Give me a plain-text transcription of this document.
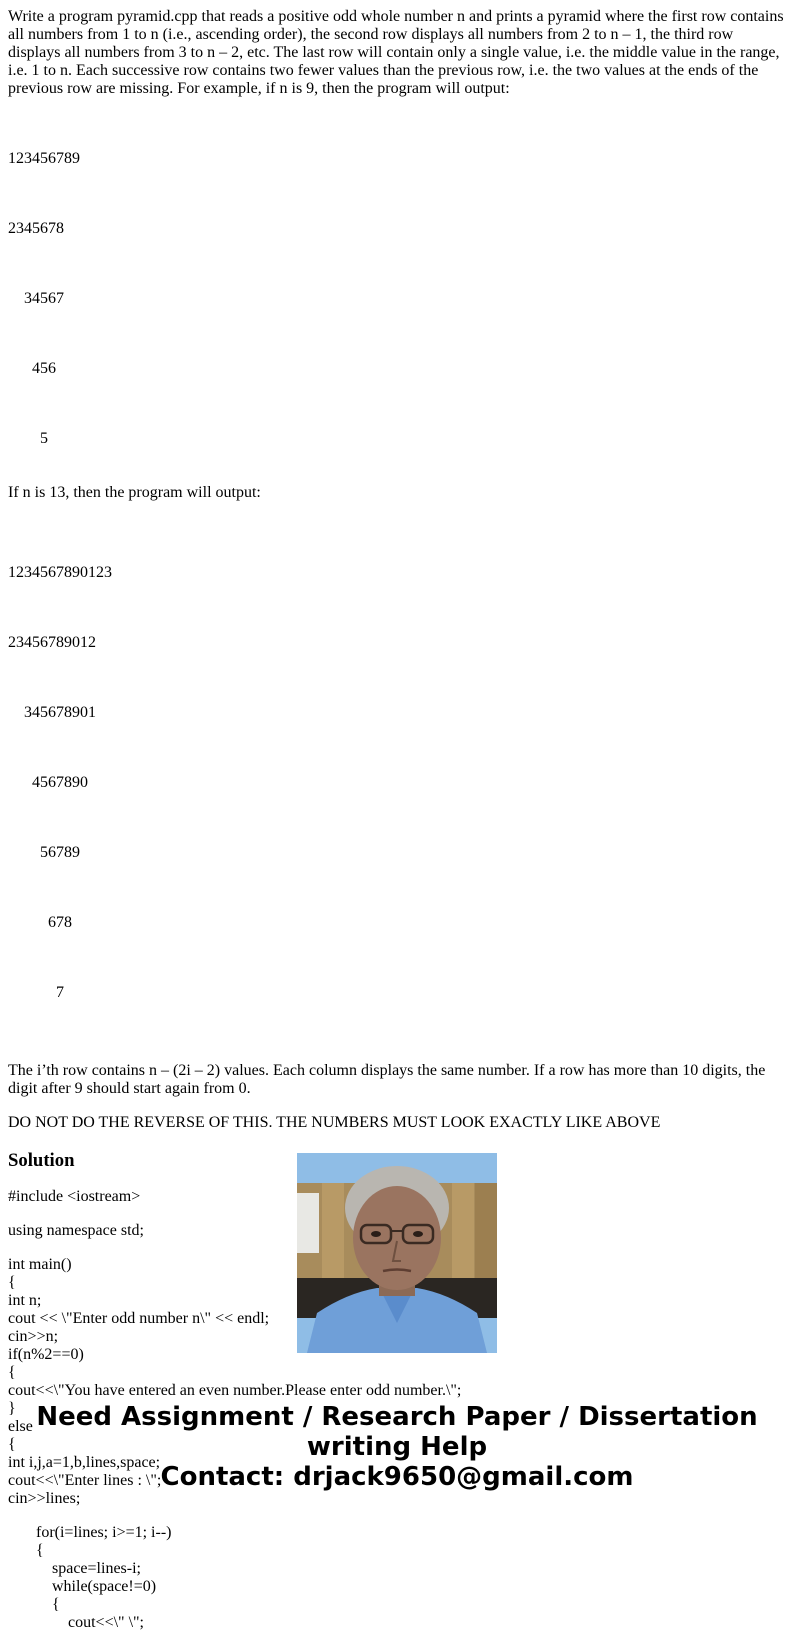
Write a program pyramid.cpp that reads a positive odd whole number n and prints a pyramid where the first row contains all numbers from 1 to n (i.e., ascending order), the second row displays all numbers from 2 to n – 1, the third row displays all numbers from 3 to n – 2, etc. The last row will contain only a single value, i.e. the middle value in the range, i.e. 1 to n. Each successive row contains two fewer values than the previous row, i.e. the two values at the ends of the previous row are missing. For example, if n is 9, then the program will output:

123456789

2345678

34567

456

5

If n is 13, then the program will output:

1234567890123

23456789012

345678901

4567890

56789

678

7

The i’th row contains n – (2i – 2) values. Each column displays the same number. If a row has more than 10 digits, the digit after 9 should start again from 0.

DO NOT DO THE REVERSE OF THIS. THE NUMBERS MUST LOOK EXACTLY LIKE ABOVE

Solution
#include <iostream>
using namespace std;
int main()
{
int n;
cout << \"Enter odd number n\" << endl;
cin>>n;
if(n%2==0)
{
cout<<\"You have entered an even number.Please enter odd number.\";
}
else
{
int i,j,a=1,b,lines,space;
cout<<\"Enter lines : \";
cin>>lines;
for(i=lines; i>=1; i--)
{
space=lines-i;
while(space!=0)
{
cout<<\" \";
Need Assignment / Research Paper / Dissertation
writing Help
Contact: drjack9650@gmail.com
